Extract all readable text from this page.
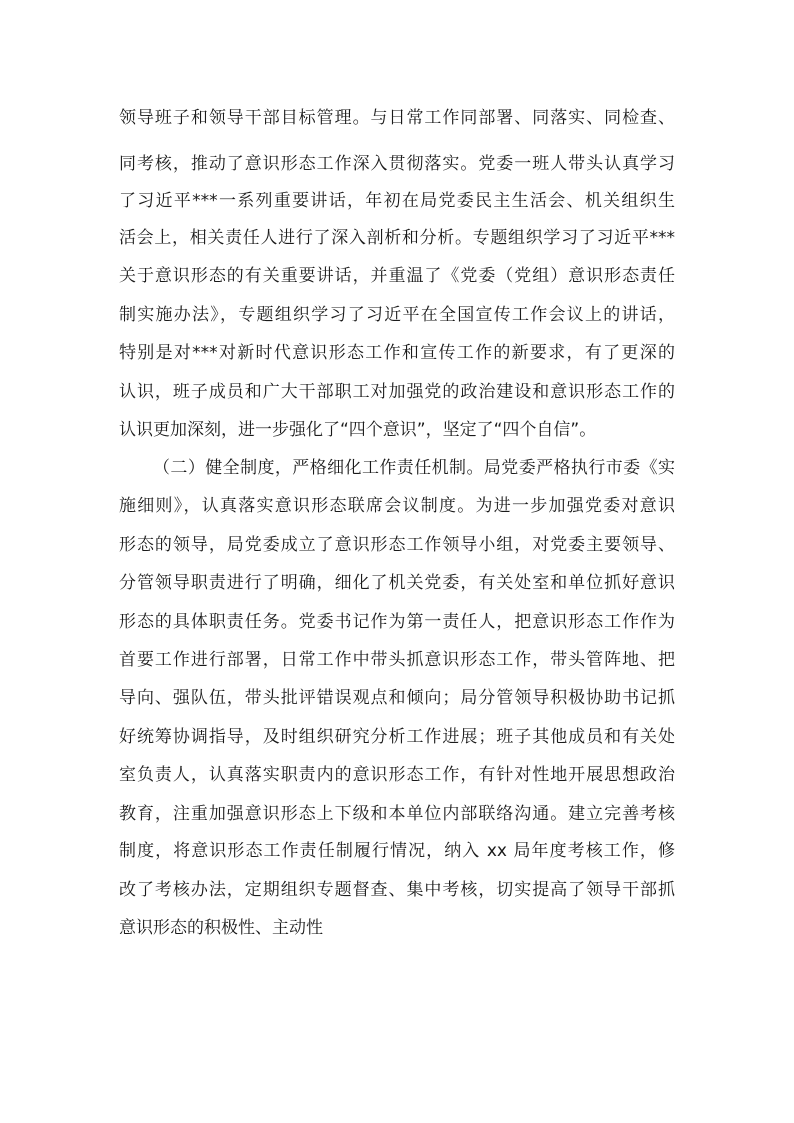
领导班子和领导干部目标管理。与日常工作同部署、同落实、同检查、
同考核，推动了意识形态工作深入贯彻落实。党委一班人带头认真学习
了习近平***一系列重要讲话，年初在局党委民主生活会、机关组织生
活会上，相关责任人进行了深入剖析和分析。专题组织学习了习近平***
关于意识形态的有关重要讲话，并重温了《党委（党组）意识形态责任
制实施办法》，专题组织学习了习近平在全国宣传工作会议上的讲话，
特别是对***对新时代意识形态工作和宣传工作的新要求，有了更深的
认识，班子成员和广大干部职工对加强党的政治建设和意识形态工作的
认识更加深刻，进一步强化了“四个意识”，坚定了“四个自信”。
（二）健全制度，严格细化工作责任机制。局党委严格执行市委《实
施细则》，认真落实意识形态联席会议制度。为进一步加强党委对意识
形态的领导，局党委成立了意识形态工作领导小组，对党委主要领导、
分管领导职责进行了明确，细化了机关党委，有关处室和单位抓好意识
形态的具体职责任务。党委书记作为第一责任人，把意识形态工作作为
首要工作进行部署，日常工作中带头抓意识形态工作，带头管阵地、把
导向、强队伍，带头批评错误观点和倾向；局分管领导积极协助书记抓
好统筹协调指导，及时组织研究分析工作进展；班子其他成员和有关处
室负责人，认真落实职责内的意识形态工作，有针对性地开展思想政治
教育，注重加强意识形态上下级和本单位内部联络沟通。建立完善考核
制度，将意识形态工作责任制履行情况，纳入 xx 局年度考核工作，修
改了考核办法，定期组织专题督查、集中考核，切实提高了领导干部抓
意识形态的积极性、主动性
